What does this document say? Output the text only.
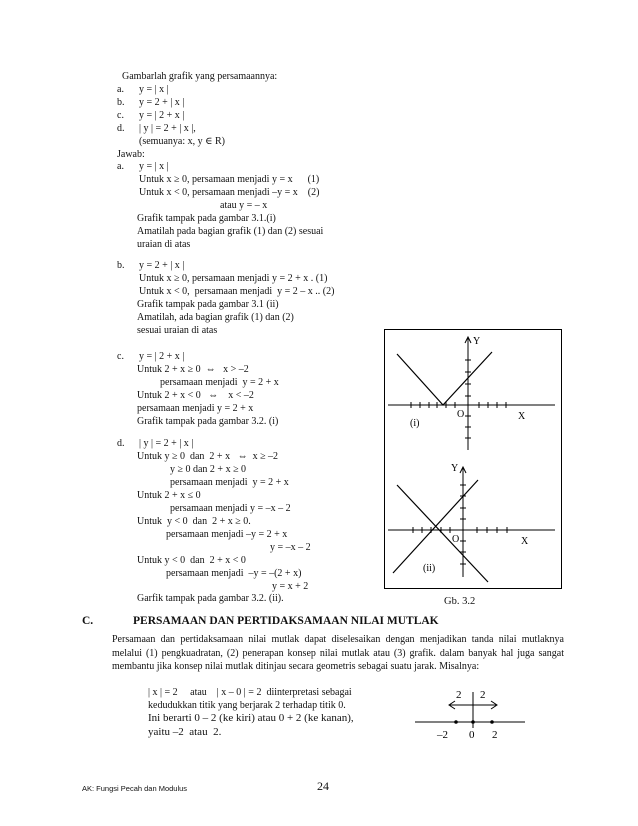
Gambarlah grafik yang persamaannya:
a. y = | x |
b. y = 2 + | x |
c. y = | 2 + x |
d. | y | = 2 + | x |,
(semuanya: x, y ∈ R)
Jawab:
a. y = | x |
Untuk x ≥ 0, persamaan menjadi y = x      (1)
Untuk x < 0, persamaan menjadi –y = x    (2)
atau y = – x
Grafik tampak pada gambar 3.1.(i)
Amatilah pada bagian grafik (1) dan (2) sesuai
uraian di atas
b. y = 2 + | x |
Untuk x ≥ 0, persamaan menjadi y = 2 + x . (1)
Untuk x < 0,  persamaan menjadi  y = 2 – x .. (2)
Grafik tampak pada gambar 3.1 (ii)
Amatilah, ada bagian grafik (1) dan (2)
sesuai uraian di atas
c. y = | 2 + x |
Untuk 2 + x ≥ 0  ⇔   x > –2
persamaan menjadi  y = 2 + x
Untuk 2 + x < 0   ⇔    x < –2
persamaan menjadi y = 2 + x
Grafik tampak pada gambar 3.2. (i)
d. | y | = 2 + | x |
Untuk y ≥ 0  dan  2 + x   ⇔  x ≥ –2
y ≥ 0 dan 2 + x ≥ 0
persamaan menjadi  y = 2 + x
Untuk 2 + x ≤ 0
persamaan menjadi y = –x – 2
Untuk  y < 0  dan  2 + x ≥ 0.
persamaan menjadi –y = 2 + x
y = –x – 2
Untuk y < 0  dan  2 + x < 0
persamaan menjadi  –y = –(2 + x)
y = x + 2
Garfik tampak pada gambar 3.2. (ii).
Y
X
O
(i)
Y
X
O
(ii)
Gb. 3.2
C.	PERSAMAAN DAN PERTIDAKSAMAAN NILAI MUTLAK
Persamaan dan pertidaksamaan nilai mutlak dapat diselesaikan dengan menjadikan tanda nilai mutlaknya melalui (1) pengkuadratan, (2) penerapan konsep nilai mutlak atau (3) grafik. dalam banyak hal juga sangat membantu jika konsep nilai mutlak ditinjau secara geometris sebagai suatu jarak. Misalnya:
| x | = 2     atau    | x – 0 | = 2  diinterpretasi sebagai
kedudukkan titik yang berjarak 2 terhadap titik 0.
Ini berarti 0 – 2 (ke kiri) atau 0 + 2 (ke kanan),
yaitu –2  atau  2.
2 2
–2 0 2
AK: Fungsi Pecah dan Modulus	24
